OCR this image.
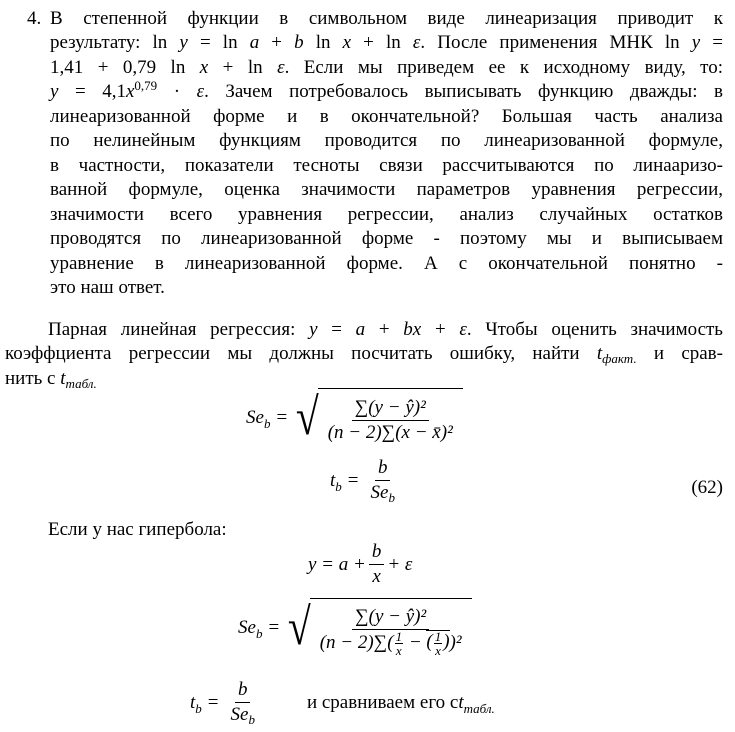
4. В степенной функции в символьном виде линеаризация приводит к
результату: ln y = ln a + b ln x + ln ε. После применения МНК ln y =
1,41 + 0,79 ln x + ln ε. Если мы приведем ее к исходному виду, то:
$y = 4,1x^{0,79} \cdot \varepsilon$. Зачем потребовалось выписывать функцию дважды: в
линеаризованной форме и в окончательной? Большая часть анализа
по нелинейным функциям проводится по линеаризованной формуле,
в частности, показатели тесноты связи рассчитываются по линааризо-
ванной формуле, оценка значимости параметров уравнения регрессии,
значимости всего уравнения регрессии, анализ случайных остатков
проводятся по линеаризованной форме - поэтому мы и выписываем
уравнение в линеаризованной форме. А с окончательной понятно -
это наш ответ.
Парная линейная регрессия: y = a + bx + ε. Чтобы оценить значимость
коэффциента регрессии мы должны посчитать ошибку, найти $t_{факт.}$ и срав-
нить с $t_{табл.}$
$Se_b$ = √ $\frac{\text{∑(y − ŷ)²}}{\text{(n − 2)∑(x − x̄)²}}$
$t_b = \frac{b}{Se_b}$	(62)
Если у нас гипербола:
$y = a + \frac{b}{x} + \varepsilon$
$Se_b$ = √ $\frac{\text{∑(y − ŷ)²}}{(n - 2)\sum( \frac{1}{x} - ( \frac{1}{x} ))^2}$
$t_b = \frac{b}{Se_b}$	и сравниваем его с $t_{табл.}$
